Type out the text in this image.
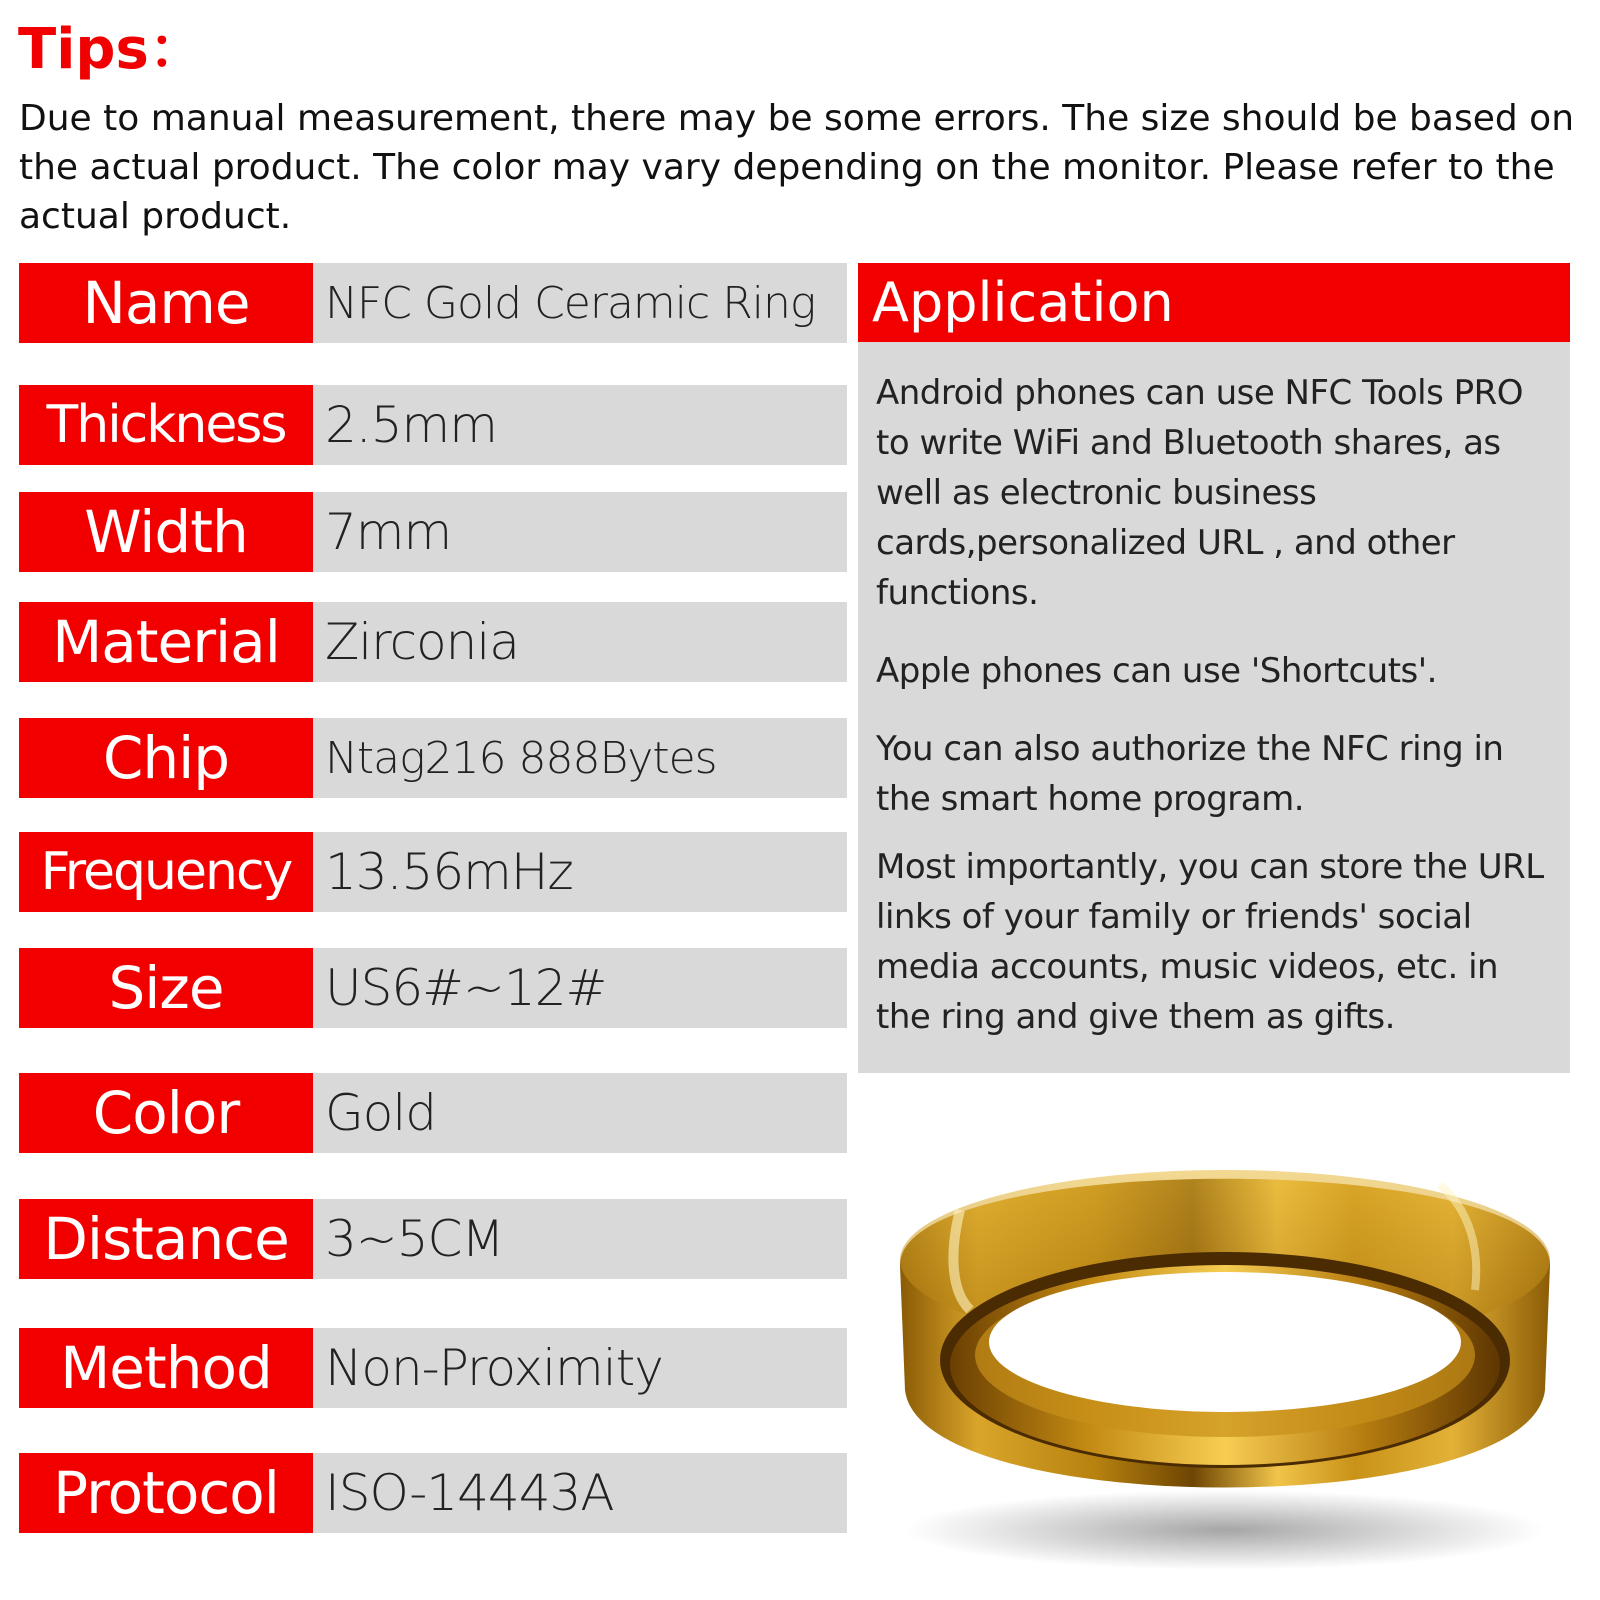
Tips：
Due to manual measurement, there may be some errors. The size should be based on the actual product. The color may vary depending on the monitor. Please refer to the actual product.
Name	NFC Gold Ceramic Ring
Thickness 2.5mm
Width	7mm
Material Zirconia
Chip	Ntag216 888Bytes
Frequency 13.56mHz
Size	US6#~12#
Color	Gold
Distance 3~5CM
Method	Non-Proximity
Protocol ISO-14443A
Application

Android phones can use NFC Tools PRO to write WiFi and Bluetooth shares, as well as electronic business cards,personalized URL , and other functions.

Apple phones can use 'Shortcuts'.

You can also authorize the NFC ring in the smart home program.

Most importantly, you can store the URL links of your family or friends' social media accounts, music videos, etc. in the ring and give them as gifts.
